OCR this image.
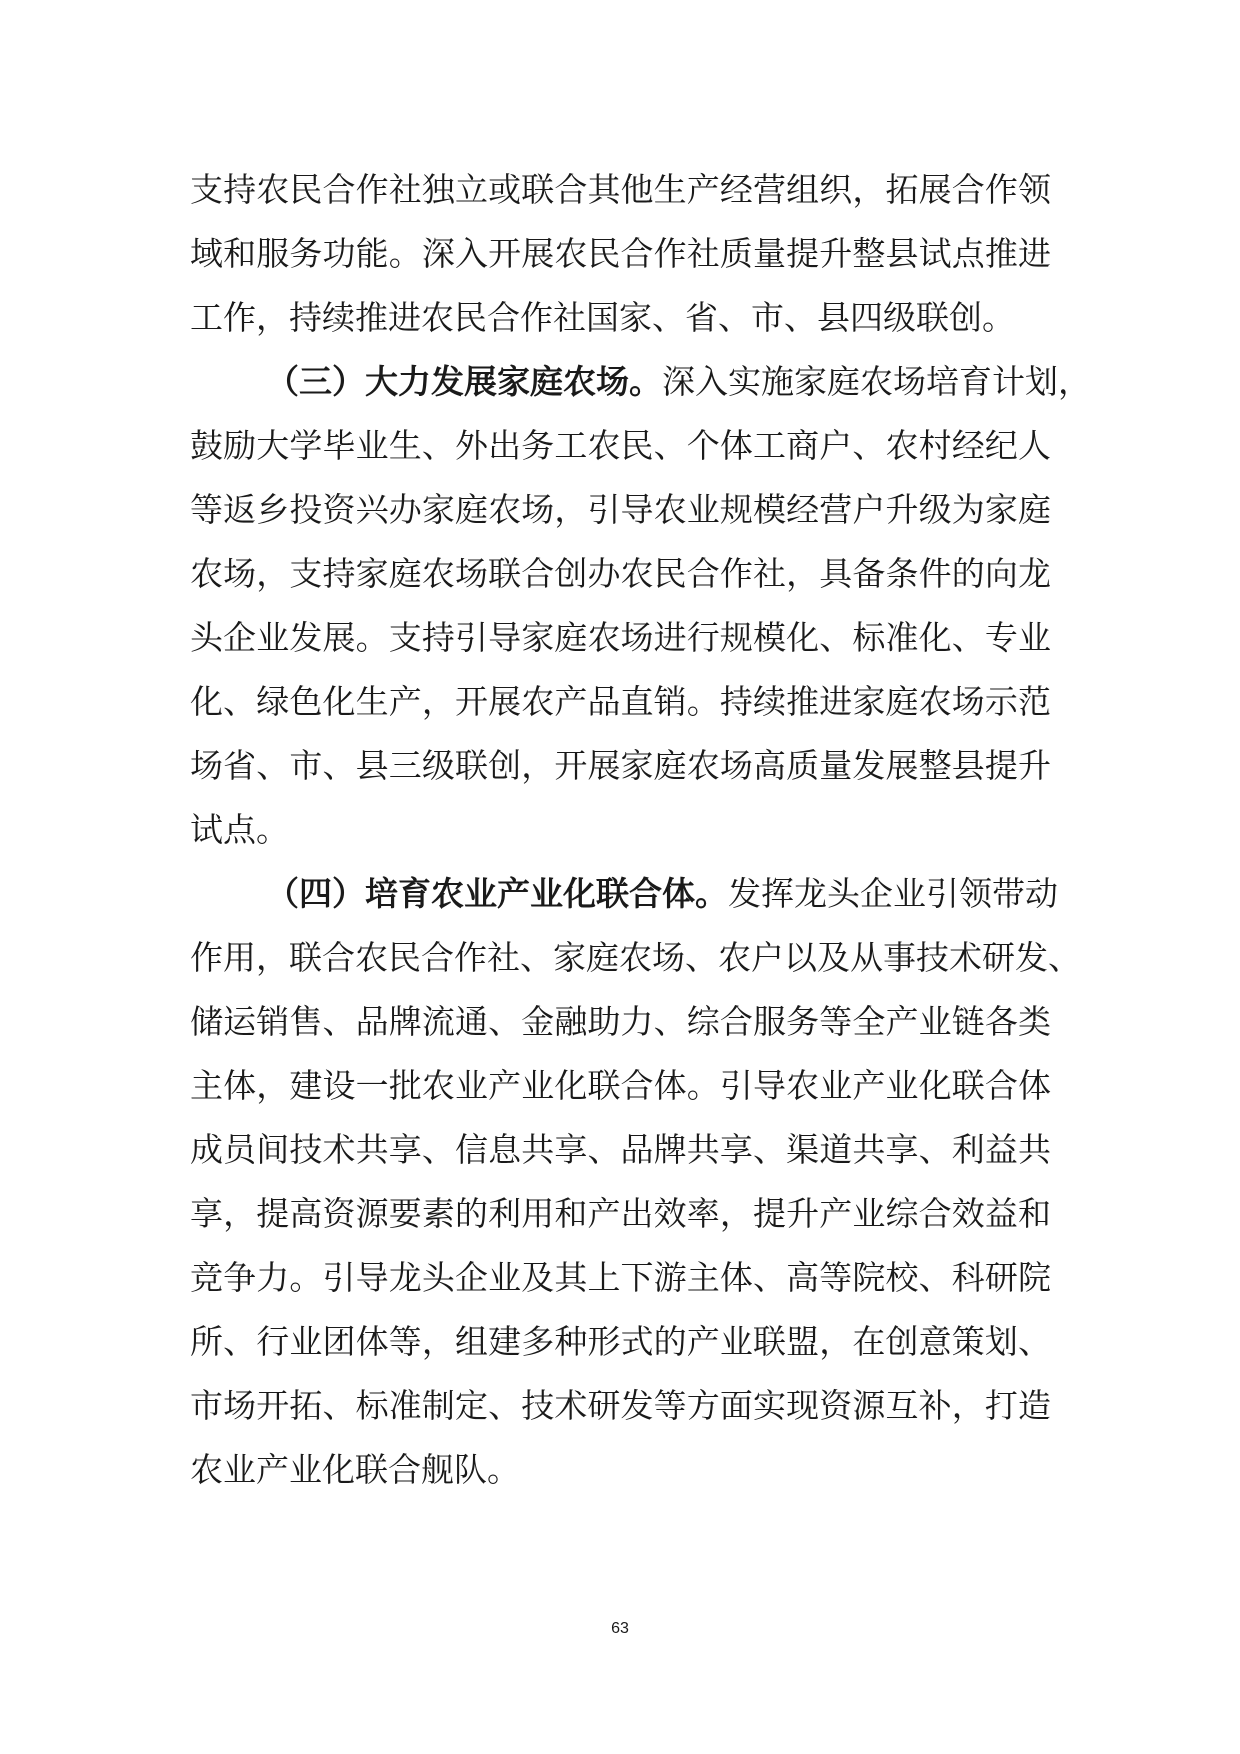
支持农民合作社独立或联合其他生产经营组织，拓展合作领
域和服务功能。深入开展农民合作社质量提升整县试点推进
工作，持续推进农民合作社国家、省、市、县四级联创。
（三）大力发展家庭农场。深入实施家庭农场培育计划，
鼓励大学毕业生、外出务工农民、个体工商户、农村经纪人
等返乡投资兴办家庭农场，引导农业规模经营户升级为家庭
农场，支持家庭农场联合创办农民合作社，具备条件的向龙
头企业发展。支持引导家庭农场进行规模化、标准化、专业
化、绿色化生产，开展农产品直销。持续推进家庭农场示范
场省、市、县三级联创，开展家庭农场高质量发展整县提升
试点。
（四）培育农业产业化联合体。发挥龙头企业引领带动
作用，联合农民合作社、家庭农场、农户以及从事技术研发、
储运销售、品牌流通、金融助力、综合服务等全产业链各类
主体，建设一批农业产业化联合体。引导农业产业化联合体
成员间技术共享、信息共享、品牌共享、渠道共享、利益共
享，提高资源要素的利用和产出效率，提升产业综合效益和
竞争力。引导龙头企业及其上下游主体、高等院校、科研院
所、行业团体等，组建多种形式的产业联盟，在创意策划、
市场开拓、标准制定、技术研发等方面实现资源互补，打造
农业产业化联合舰队。
63
